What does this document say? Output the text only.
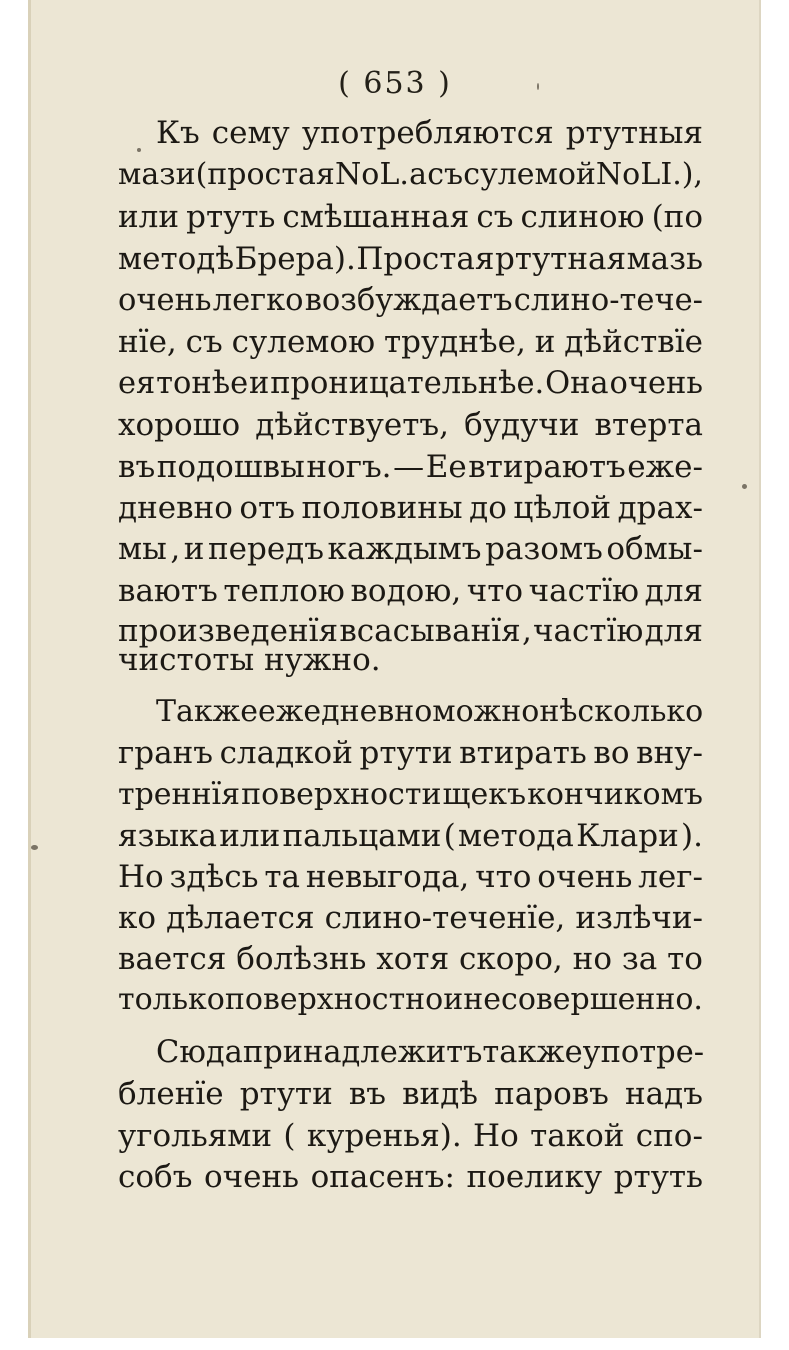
( 653 )
Къ сему употребляются ртутныя
мази(простая No L. а съ сулемойNo LI.),
или ртуть смѣшанная съ слиною (по
методѣ Брера). Простая ртутная мазь
очень легко возбуждаетъ слино-тече-
нїе, съ сулемою труднѣе, и дѣйствїе
ея тонѣе и проницательнѣе. Она очень
хорошо дѣйствуетъ, будучи втерта
въ подошвы ногъ. — Ее втираютъ еже-
дневно отъ половины до цѣлой драх-
мы , и передъ каждымъ разомъ обмы-
ваютъ теплою водою, что частїю для
произведенїя всасыванїя , частїю для
чистоты нужно.
Также ежедневно можно нѣсколько
гранъ сладкой ртути втирать во вну-
треннїя поверхности щекъ кончикомъ
языка или пальцами ( метода Клари ).
Но здѣсь та невыгода, что очень лег-
ко дѣлается слино-теченїе, излѣчи-
вается болѣзнь хотя скоро, но за то
только поверхностно и несовершенно.
Сюда принадлежитъ также употре-
бленїе ртути въ видѣ паровъ надъ
угольями ( куренья). Но такой спо-
собъ очень опасенъ: поелику ртуть
